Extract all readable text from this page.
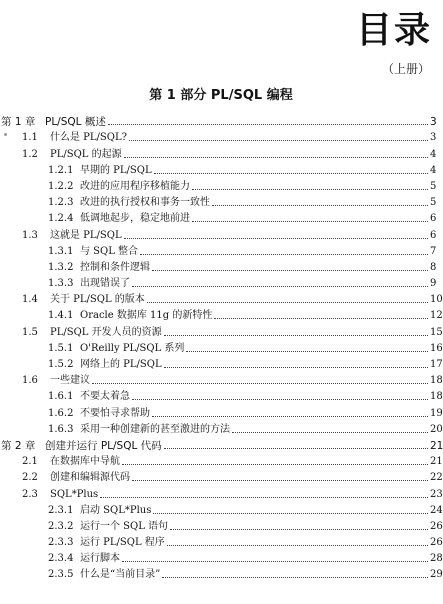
目录
（上册）
第 1 部分 PL/SQL 编程
第 1 章 PL/SQL 概述	3
1.1	什么是 PL/SQL?	3
1.2	PL/SQL 的起源	4
1.2.1 早期的 PL/SQL	4
1.2.2 改进的应用程序移植能力	5
1.2.3 改进的执行授权和事务一致性	5
1.2.4 低调地起步，稳定地前进	6
1.3	这就是 PL/SQL	6
1.3.1 与 SQL 整合	7
1.3.2 控制和条件逻辑	8
1.3.3 出现错误了	9
1.4	关于 PL/SQL 的版本	10
1.4.1 Oracle 数据库 11g 的新特性	12
1.5	PL/SQL 开发人员的资源	15
1.5.1 O'Reilly PL/SQL 系列	16
1.5.2 网络上的 PL/SQL	17
1.6	一些建议	18
1.6.1 不要太着急	18
1.6.2 不要怕寻求帮助	19
1.6.3 采用一种创建新的甚至激进的方法	20
第 2 章 创建并运行 PL/SQL 代码	21
2.1	在数据库中导航	21
2.2	创建和编辑源代码	22
2.3	SQL*Plus	23
2.3.1 启动 SQL*Plus	24
2.3.2 运行一个 SQL 语句	26
2.3.3 运行 PL/SQL 程序	26
2.3.4 运行脚本	28
2.3.5 什么是“当前目录”	29
